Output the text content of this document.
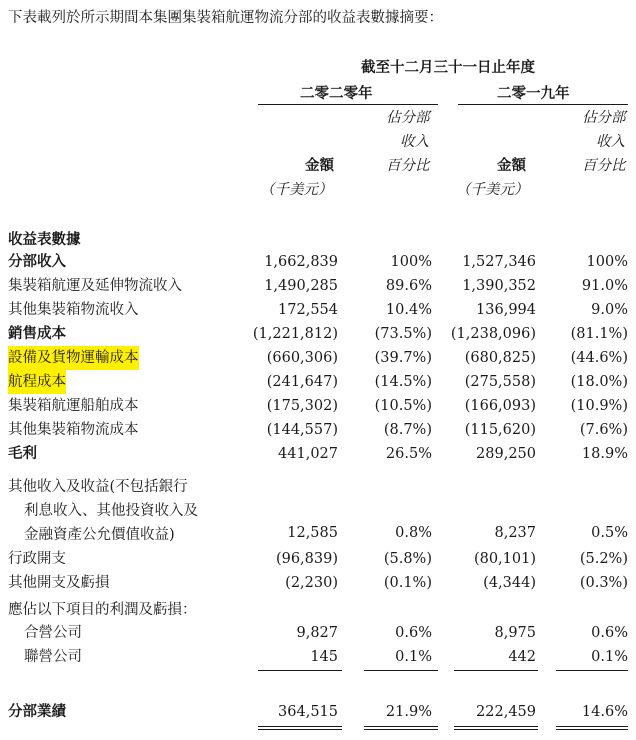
下表載列於所示期間本集團集裝箱航運物流分部的收益表數據摘要：
截至十二月三十一日止年度
二零二零年	二零一九年
佔分部
收入
百分比
佔分部
收入
百分比
金額	金額
（千美元）	（千美元）
收益表數據
分部收入	1,662,839	100% 1,527,346	100%
集裝箱航運及延伸物流收入	1,490,285	89.6% 1,390,352	91.0%
其他集裝箱物流收入	172,554	10.4%	136,994	9.0%
銷售成本	(1,221,812)	(73.5%) (1,238,096) (81.1%)
設備及貨物運輸成本	(660,306)	(39.7%) (680,825) (44.6%)
航程成本	(241,647)	(14.5%) (275,558) (18.0%)
集裝箱航運船舶成本	(175,302)	(10.5%) (166,093) (10.9%)
其他集裝箱物流成本	(144,557)	(8.7%) (115,620)	(7.6%)
毛利	441,027	26.5%	289,250	18.9%
其他收入及收益(不包括銀行
利息收入、其他投資收入及
金融資產公允價值收益)	12,585	0.8%	8,237	0.5%
行政開支	(96,839)	(5.8%)	(80,101)	(5.2%)
其他開支及虧損	(2,230)	(0.1%)	(4,344)	(0.3%)
應佔以下項目的利潤及虧損：
合營公司	9,827	0.6%	8,975	0.6%
聯營公司	145	0.1%	442	0.1%
分部業績	364,515	21.9%	222,459	14.6%
